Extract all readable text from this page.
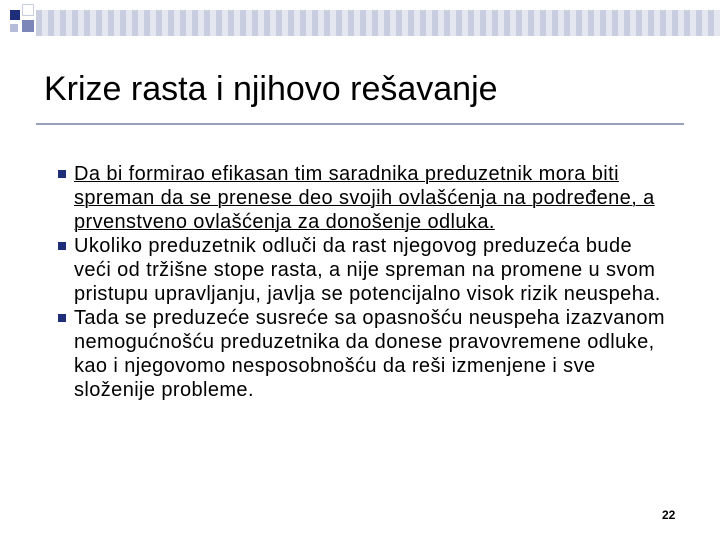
Krize rasta i njihovo rešavanje
Da bi formirao efikasan tim saradnika preduzetnik mora biti spreman da se prenese deo svojih ovlašćenja na podređene, a prvenstveno ovlašćenja za donošenje odluka.
Ukoliko preduzetnik odluči da rast njegovog preduzeća bude veći od tržišne stope rasta, a nije spreman na promene u svom pristupu upravljanju, javlja se potencijalno visok rizik neuspeha.
Tada se preduzeće susreće sa opasnošću neuspeha izazvanom nemogućnošću preduzetnika da donese pravovremene odluke, kao i njegovomo nesposobnošću da reši izmenjene i sve složenije probleme.
22
